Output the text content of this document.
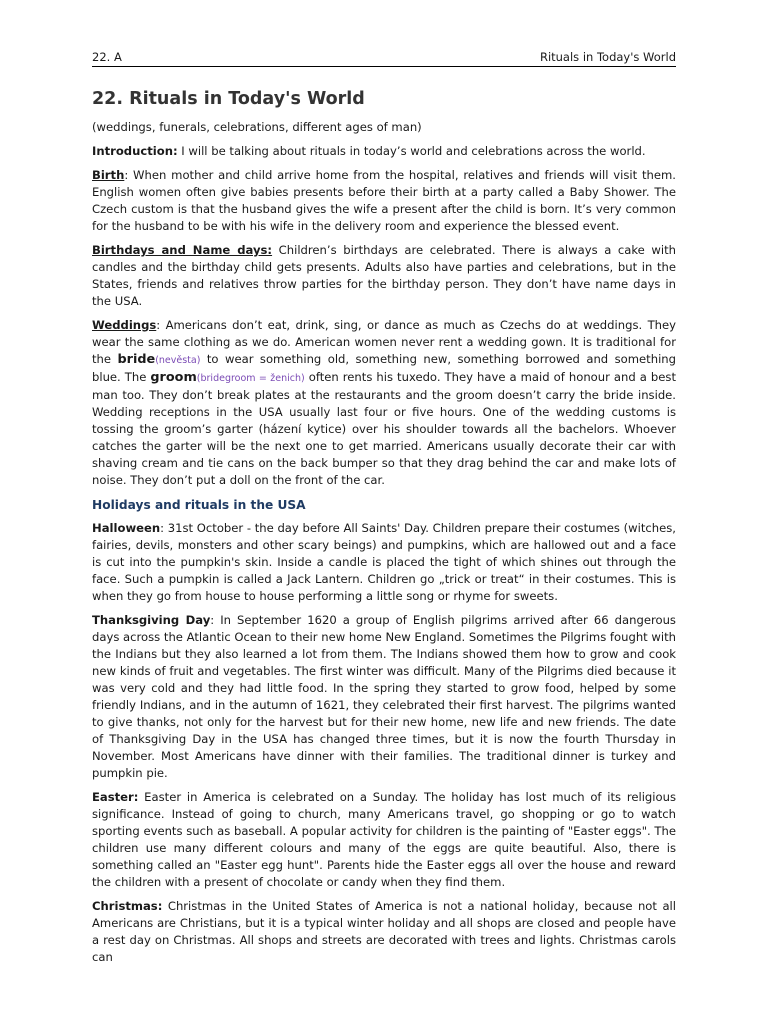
22. A	Rituals in Today's World
22. Rituals in Today's World

(weddings, funerals, celebrations, different ages of man)

Introduction: I will be talking about rituals in today’s world and celebrations across the world.

Birth: When mother and child arrive home from the hospital, relatives and friends will visit them. English women often give babies presents before their birth at a party called a Baby Shower. The Czech custom is that the husband gives the wife a present after the child is born. It’s very common for the husband to be with his wife in the delivery room and experience the blessed event.

Birthdays and Name days: Children’s birthdays are celebrated. There is always a cake with candles and the birthday child gets presents. Adults also have parties and celebrations, but in the States, friends and relatives throw parties for the birthday person. They don’t have name days in the USA.

Weddings: Americans don’t eat, drink, sing, or dance as much as Czechs do at weddings. They wear the same clothing as we do. American women never rent a wedding gown. It is traditional for the bride(nevěsta) to wear something old, something new, something borrowed and something blue. The groom(bridegroom = ženich) often rents his tuxedo. They have a maid of honour and a best man too. They don’t break plates at the restaurants and the groom doesn’t carry the bride inside. Wedding receptions in the USA usually last four or five hours. One of the wedding customs is tossing the groom’s garter (házení kytice) over his shoulder towards all the bachelors. Whoever catches the garter will be the next one to get married. Americans usually decorate their car with shaving cream and tie cans on the back bumper so that they drag behind the car and make lots of noise. They don’t put a doll on the front of the car.

Holidays and rituals in the USA

Halloween: 31st October - the day before All Saints' Day. Children prepare their costumes (witches, fairies, devils, monsters and other scary beings) and pumpkins, which are hallowed out and a face is cut into the pumpkin's skin. Inside a candle is placed the tight of which shines out through the face. Such a pumpkin is called a Jack Lantern. Children go „trick or treat“ in their costumes. This is when they go from house to house performing a little song or rhyme for sweets.

Thanksgiving Day: In September 1620 a group of English pilgrims arrived after 66 dangerous days across the Atlantic Ocean to their new home New England. Sometimes the Pilgrims fought with the Indians but they also learned a lot from them. The Indians showed them how to grow and cook new kinds of fruit and vegetables. The first winter was difficult. Many of the Pilgrims died because it was very cold and they had little food. In the spring they started to grow food, helped by some friendly Indians, and in the autumn of 1621, they celebrated their first harvest. The pilgrims wanted to give thanks, not only for the harvest but for their new home, new life and new friends. The date of Thanksgiving Day in the USA has changed three times, but it is now the fourth Thursday in November. Most Americans have dinner with their families. The traditional dinner is turkey and pumpkin pie.

Easter: Easter in America is celebrated on a Sunday. The holiday has lost much of its religious significance. Instead of going to church, many Americans travel, go shopping or go to watch sporting events such as baseball. A popular activity for children is the painting of "Easter eggs". The children use many different colours and many of the eggs are quite beautiful. Also, there is something called an "Easter egg hunt". Parents hide the Easter eggs all over the house and reward the children with a present of chocolate or candy when they find them.

Christmas: Christmas in the United States of America is not a national holiday, because not all Americans are Christians, but it is a typical winter holiday and all shops are closed and people have a rest day on Christmas. All shops and streets are decorated with trees and lights. Christmas carols can
